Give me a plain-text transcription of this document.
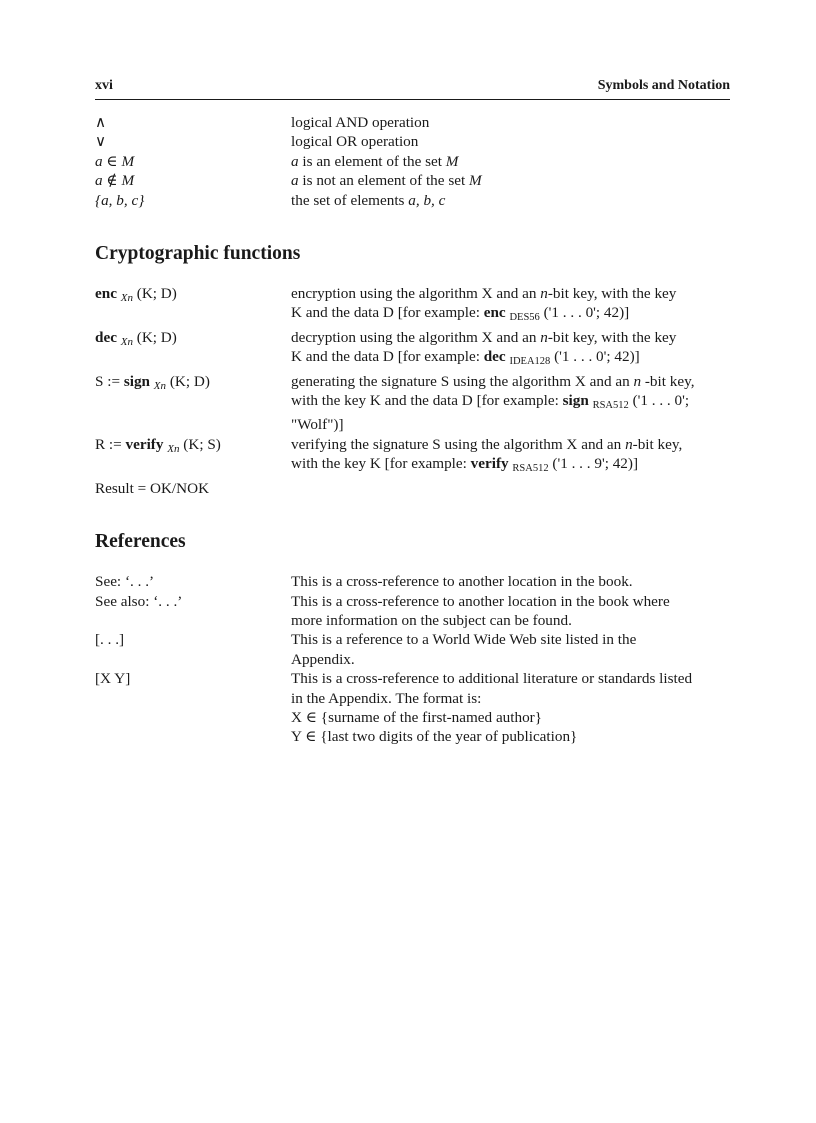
xvi	Symbols and Notation
∧	logical AND operation
∨	logical OR operation
a ∈ M	a is an element of the set M
a ∉ M	a is not an element of the set M
{a, b, c}	the set of elements a, b, c
Cryptographic functions
enc Xn (K; D)	encryption using the algorithm X and an n-bit key, with the key
K and the data D [for example: enc $_{DES56}$ ('1 . . . 0'; 42)]
dec Xn (K; D)	decryption using the algorithm X and an n-bit key, with the key
K and the data D [for example: dec $_{IDEA128}$ ('1 . . . 0'; 42)]
S := sign Xn (K; D)	generating the signature S using the algorithm X and an n -bit key,
with the key K and the data D [for example: sign $_{RSA512}$ ('1 . . . 0';
"Wolf")]
R := verify Xn (K; S)	verifying the signature S using the algorithm X and an n-bit key,
with the key K [for example: verify $_{RSA512}$ ('1 . . . 9'; 42)]
Result = OK/NOK
References
See: ‘. . .’	This is a cross-reference to another location in the book.
See also: ‘. . .’	This is a cross-reference to another location in the book where
more information on the subject can be found.
[. . .]	This is a reference to a World Wide Web site listed in the
Appendix.
[X Y]	This is a cross-reference to additional literature or standards listed
in the Appendix. The format is:
X ∈ {surname of the first-named author}
Y ∈ {last two digits of the year of publication}
